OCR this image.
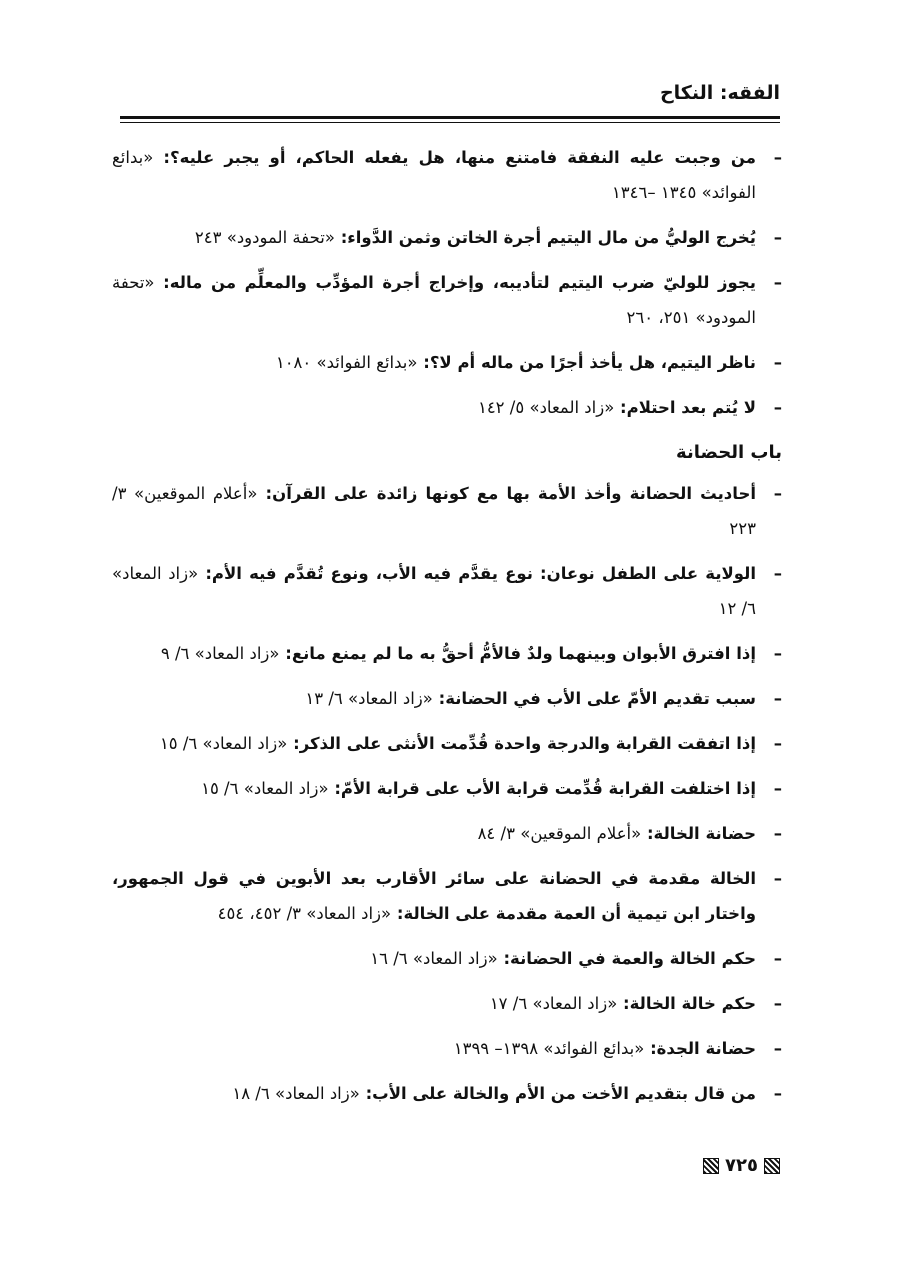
الفقه: النكاح
–
من وجبت عليه النفقة فامتنع منها، هل يفعله الحاكم، أو يجبر عليه؟: «بدائع الفوائد» ١٣٤٥ –١٣٤٦
–
يُخرج الوليُّ من مال اليتيم أجرة الخاتن وثمن الدَّواء: «تحفة المودود» ٢٤٣
–
يجوز للوليّ ضرب اليتيم لتأديبه، وإخراج أجرة المؤدِّب والمعلِّم من ماله: «تحفة المودود» ٢٥١، ٢٦٠
–
ناظر اليتيم، هل يأخذ أجرًا من ماله أم لا؟: «بدائع الفوائد» ١٠٨٠
–
لا يُتم بعد احتلام: «زاد المعاد» ٥/ ١٤٢
باب الحضانة
–
أحاديث الحضانة وأخذ الأمة بها مع كونها زائدة على القرآن: «أعلام الموقعين» ٣/ ٢٢٣
–
الولاية على الطفل نوعان: نوع يقدَّم فيه الأب، ونوع تُقدَّم فيه الأم: «زاد المعاد» ٦/ ١٢
–
إذا افترق الأبوان وبينهما ولدٌ فالأمُّ أحقُّ به ما لم يمنع مانع: «زاد المعاد» ٦/ ٩
–
سبب تقديم الأمّ على الأب في الحضانة: «زاد المعاد» ٦/ ١٣
–
إذا اتفقت القرابة والدرجة واحدة قُدِّمت الأنثى على الذكر: «زاد المعاد» ٦/ ١٥
–
إذا اختلفت القرابة قُدِّمت قرابة الأب على قرابة الأمّ: «زاد المعاد» ٦/ ١٥
–
حضانة الخالة: «أعلام الموقعين» ٣/ ٨٤
–
الخالة مقدمة في الحضانة على سائر الأقارب بعد الأبوين في قول الجمهور، واختار ابن تيمية أن العمة مقدمة على الخالة: «زاد المعاد» ٣/ ٤٥٢، ٤٥٤
–
حكم الخالة والعمة في الحضانة: «زاد المعاد» ٦/ ١٦
–
حكم خالة الخالة: «زاد المعاد» ٦/ ١٧
–
حضانة الجدة: «بدائع الفوائد» ١٣٩٨– ١٣٩٩
–
من قال بتقديم الأخت من الأم والخالة على الأب: «زاد المعاد» ٦/ ١٨
٧٢٥
